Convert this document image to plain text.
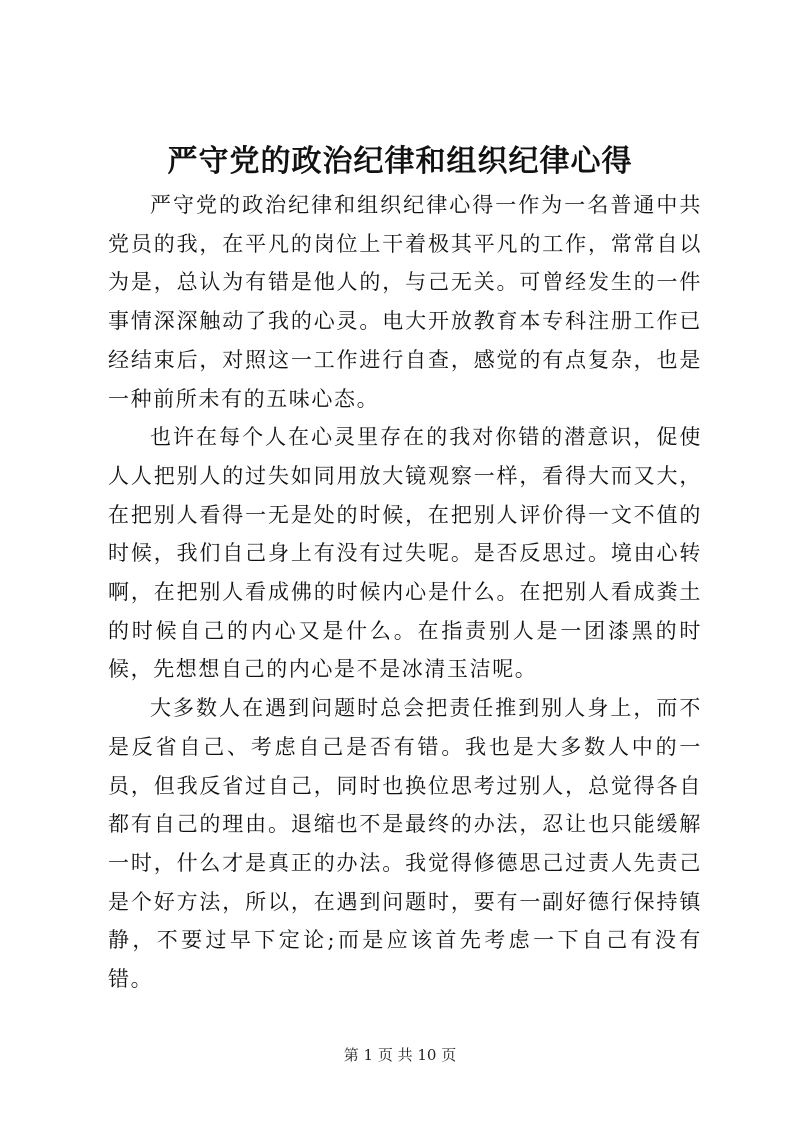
严守党的政治纪律和组织纪律心得

严守党的政治纪律和组织纪律心得一作为一名普通中共党员的我，在平凡的岗位上干着极其平凡的工作，常常自以为是，总认为有错是他人的，与己无关。可曾经发生的一件事情深深触动了我的心灵。电大开放教育本专科注册工作已经结束后，对照这一工作进行自查，感觉的有点复杂，也是一种前所未有的五味心态。

也许在每个人在心灵里存在的我对你错的潜意识，促使人人把别人的过失如同用放大镜观察一样，看得大而又大，在把别人看得一无是处的时候，在把别人评价得一文不值的时候，我们自己身上有没有过失呢。是否反思过。境由心转啊，在把别人看成佛的时候内心是什么。在把别人看成粪土的时候自己的内心又是什么。在指责别人是一团漆黑的时候，先想想自己的内心是不是冰清玉洁呢。

大多数人在遇到问题时总会把责任推到别人身上，而不是反省自己、考虑自己是否有错。我也是大多数人中的一员，但我反省过自己，同时也换位思考过别人，总觉得各自都有自己的理由。退缩也不是最终的办法，忍让也只能缓解一时，什么才是真正的办法。我觉得修德思己过责人先责己是个好方法，所以，在遇到问题时，要有一副好德行保持镇静，不要过早下定论;而是应该首先考虑一下自己有没有错。

第 1 页 共 10 页
